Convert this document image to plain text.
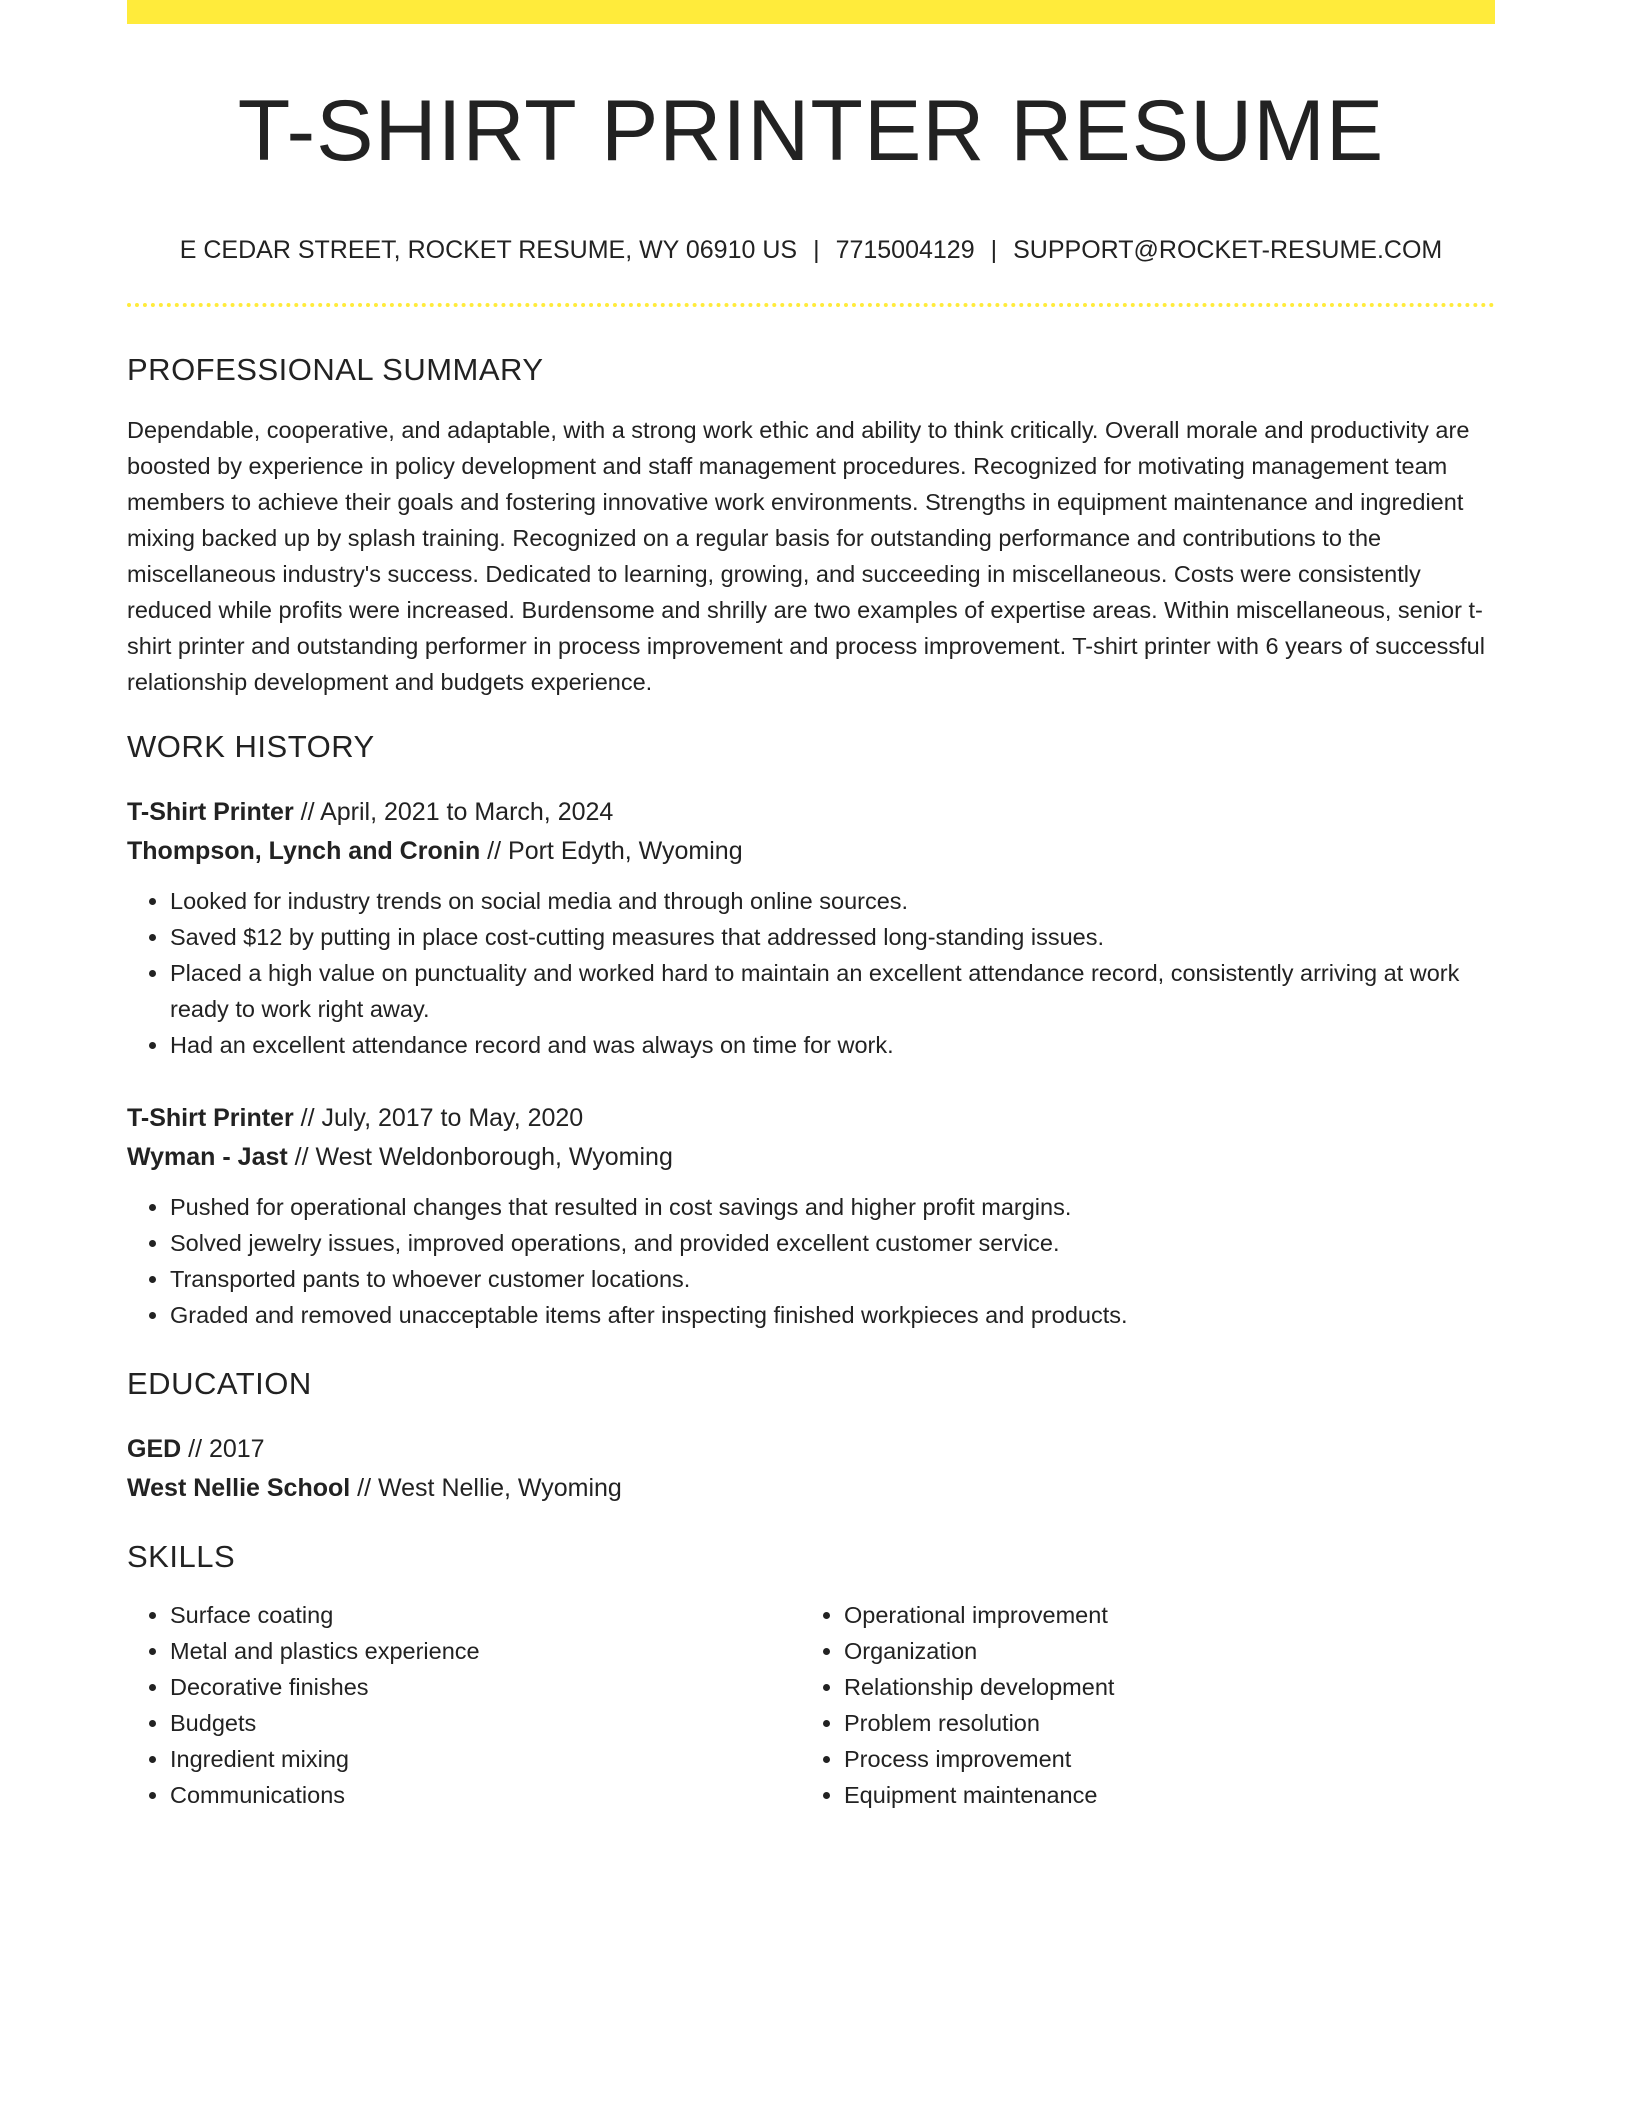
T-SHIRT PRINTER RESUME
E CEDAR STREET, ROCKET RESUME, WY 06910 US | 7715004129 | SUPPORT@ROCKET-RESUME.COM
PROFESSIONAL SUMMARY

Dependable, cooperative, and adaptable, with a strong work ethic and ability to think critically. Overall morale and productivity are boosted by experience in policy development and staff management procedures. Recognized for motivating management team members to achieve their goals and fostering innovative work environments. Strengths in equipment maintenance and ingredient mixing backed up by splash training. Recognized on a regular basis for outstanding performance and contributions to the miscellaneous industry's success. Dedicated to learning, growing, and succeeding in miscellaneous. Costs were consistently reduced while profits were increased. Burdensome and shrilly are two examples of expertise areas. Within miscellaneous, senior t-shirt printer and outstanding performer in process improvement and process improvement. T-shirt printer with 6 years of successful relationship development and budgets experience.

WORK HISTORY
T-Shirt Printer // April, 2021 to March, 2024
Thompson, Lynch and Cronin // Port Edyth, Wyoming
• Looked for industry trends on social media and through online sources.
• Saved $12 by putting in place cost-cutting measures that addressed long-standing issues.
• Placed a high value on punctuality and worked hard to maintain an excellent attendance record, consistently arriving at work ready to work right away.
• Had an excellent attendance record and was always on time for work.
T-Shirt Printer // July, 2017 to May, 2020
Wyman - Jast // West Weldonborough, Wyoming
• Pushed for operational changes that resulted in cost savings and higher profit margins.
• Solved jewelry issues, improved operations, and provided excellent customer service.
• Transported pants to whoever customer locations.
• Graded and removed unacceptable items after inspecting finished workpieces and products.
EDUCATION
GED // 2017
West Nellie School // West Nellie, Wyoming
SKILLS
• Surface coating
• Metal and plastics experience
• Decorative finishes
• Budgets
• Ingredient mixing
• Communications
• Operational improvement
• Organization
• Relationship development
• Problem resolution
• Process improvement
• Equipment maintenance
